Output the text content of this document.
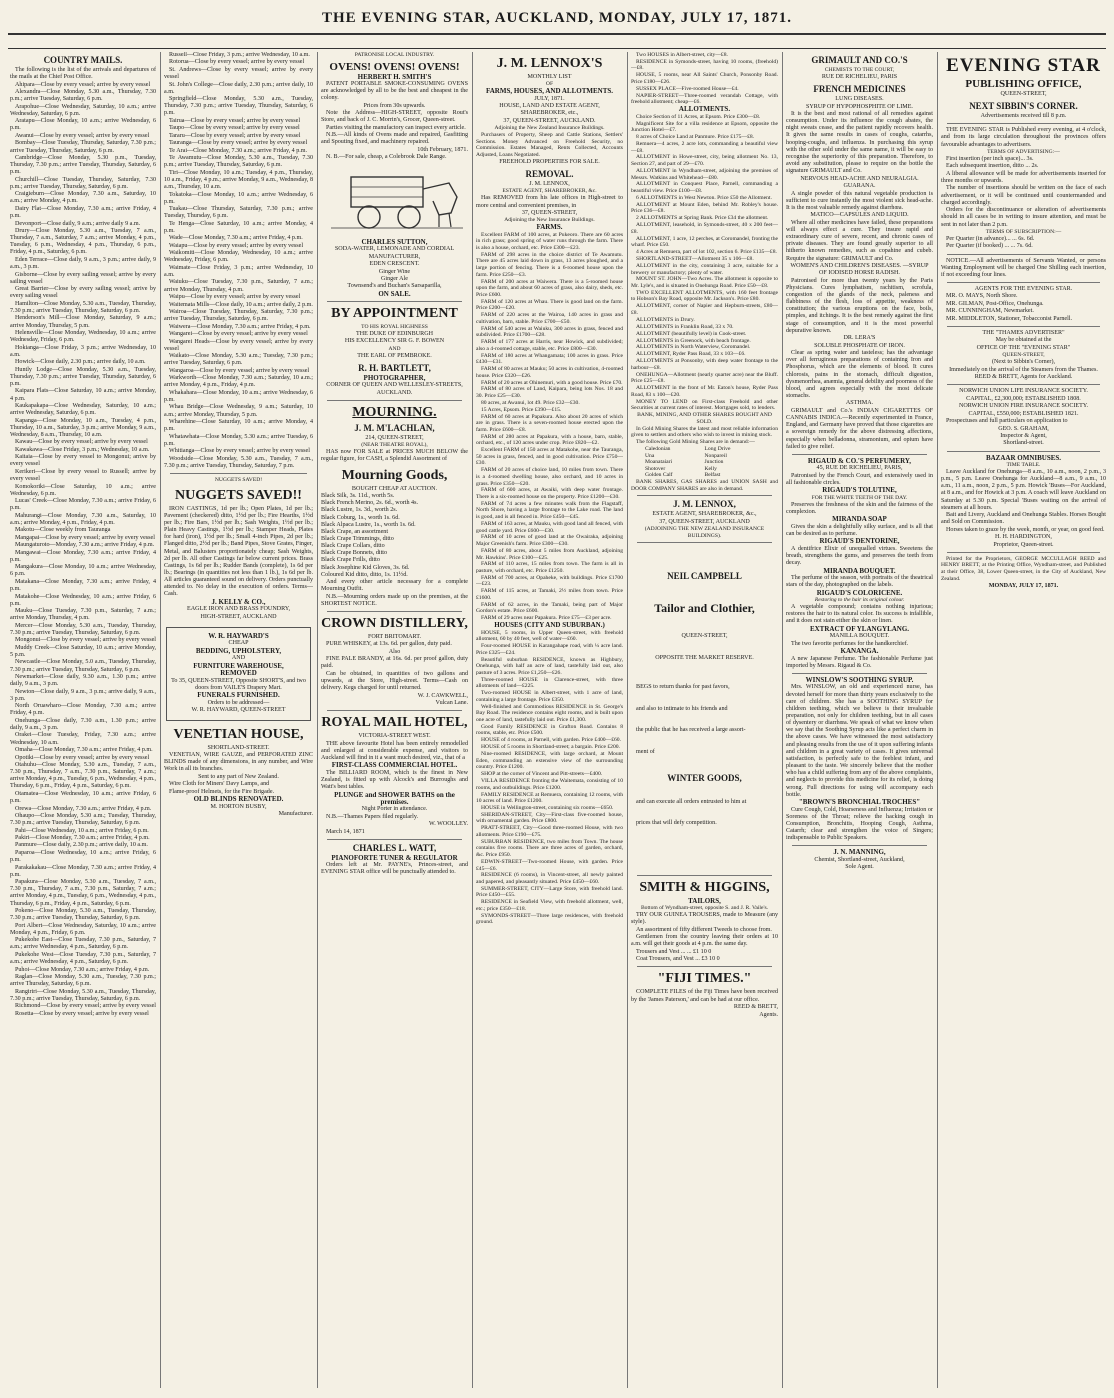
THE EVENING STAR, AUCKLAND, MONDAY, JULY 17, 1871.

COUNTRY MAILS.

The following is the list of the arrivals and departures of the mails at the Chief Post Office.

Ahipara—Close by every vessel; arrive by every vessel

Alexandra—Close Monday, 5.30 a.m., Thursday, 7.30 p.m.; arrive Tuesday, Saturday, 6 p.m.

Arapohue—Close Wednesday, Saturday, 10 a.m.; arrive Wednesday, Saturday, 6 p.m.

Aratapu—Close Monday, 10 a.m.; arrive Wednesday, 6 p.m.

Awanui—Close by every vessel; arrive by every vessel

Bombay—Close Tuesday, Thursday, Saturday, 7.30 p.m.; arrive Tuesday, Thursday, Saturday, 6 p.m.

Cambridge—Close Monday, 5.30 p.m., Tuesday, Thursday, 7.30 p.m.; arrive Tuesday, Thursday, Saturday, 6 p.m.

Churchill—Close Tuesday, Thursday, Saturday, 7.30 p.m.; arrive Tuesday, Thursday, Saturday, 6 p.m.

Craigieburn—Close Monday, 7.30 a.m., Saturday, 10 a.m.; arrive Monday, 4 p.m.

Dairy Flat—Close Monday, 7.30 a.m.; arrive Friday, 4 p.m.

Devonport—Close daily, 9 a.m.; arrive daily 9 a.m.

Drury—Close Monday, 5.30 a.m., Tuesday, 7 a.m., Thursday, 7 a.m., Saturday, 7 a.m.; arrive Monday, 4 p.m., Tuesday, 6 p.m., Wednesday, 4 p.m., Thursday, 6 p.m., Friday, 4 p.m., Saturday, 6 p.m.

Eden Terrace—Close daily, 9 a.m., 3 p.m.; arrive daily, 9 a.m., 3 p.m.

Gisborne—Close by every sailing vessel; arrive by every sailing vessel

Great Barrier—Close by every sailing vessel; arrive by every sailing vessel

Hamilton—Close Monday, 5.30 a.m., Tuesday, Thursday, 7.30 p.m.; arrive Tuesday, Thursday, Saturday, 6 p.m.

Henderson's Mill—Close Monday, Saturday, 9 a.m.; arrive Monday, Thursday, 5 p.m.

Helensville—Close Monday, Wednesday, 10 a.m.; arrive Wednesday, Friday, 6 p.m.

Hokianga—Close Friday, 3 p.m.; arrive Wednesday, 10 a.m.

Howick—Close daily, 2.30 p.m.; arrive daily, 10 a.m.

Huntly Lodge—Close Monday, 5.30 a.m., Tuesday, Thursday, 7.30 p.m.; arrive Tuesday, Thursday, Saturday, 6 p.m.

Kaipara Flats—Close Saturday, 10 a.m.; arrive Monday, 4 p.m.

Kaukapakapa—Close Wednesday, Saturday, 10 a.m.; arrive Wednesday, Saturday, 6 p.m.

Kapanga—Close Monday, 10 a.m., Tuesday, 4 p.m., Thursday, 10 a.m., Saturday, 3 p.m.; arrive Monday, 9 a.m., Wednesday, 8 a.m., Thursday, 10 a.m.

Kawau—Close by every vessel; arrive by every vessel

Kawakawa—Close Friday, 3 p.m.; Wednesday, 10 a.m.

Kaitaia—Close by every vessel to Mongonui; arrive by every vessel

Kerikeri—Close by every vessel to Russell; arrive by every vessel

Komokoriki—Close Saturday, 10 a.m.; arrive Wednesday, 6 p.m.

Lucas' Creek—Close Monday, 7.30 a.m.; arrive Friday, 6 p.m.

Mahurangi—Close Monday, 7.30 a.m., Saturday, 10 a.m.; arrive Monday, 4 p.m., Friday, 4 p.m.

Makotu—Close weekly from Tauranga

Mangapai—Close by every vessel; arrive by every vessel

Maungaturoto—Monday, 7.30 a.m.; arrive Friday, 4 p.m.

Mangawai—Close Monday, 7.30 a.m.; arrive Friday, 4 p.m.

Mangakura—Close Monday, 10 a.m.; arrive Wednesday, 6 p.m.

Matakana—Close Monday, 7.30 a.m.; arrive Friday, 4 p.m.

Matakohe—Close Wednesday, 10 a.m.; arrive Friday, 6 p.m.

Mauku—Close Tuesday, 7.30 p.m., Saturday, 7 a.m.; arrive Monday, Thursday, 4 p.m.

Mercer—Close Monday, 5.30 a.m., Tuesday, Thursday, 7.30 p.m.; arrive Tuesday, Thursday, Saturday, 6 p.m.

Mongonui—Close by every vessel; arrive by every vessel

Muddy Creek—Close Saturday, 10 a.m.; arrive Monday, 5 p.m.

Newcastle—Close Monday, 5.0 a.m., Tuesday, Thursday, 7.30 p.m.; arrive Tuesday, Thursday, Saturday, 6 p.m.

Newmarket—Close daily, 9.30 a.m., 1.30 p.m.; arrive daily, 9 a.m., 3 p.m.

Newton—Close daily, 9 a.m., 3 p.m.; arrive daily, 9 a.m., 3 p.m.

North Oruawharo—Close Monday, 7.30 a.m.; arrive Friday, 4 p.m.

Onehunga—Close daily, 7.30 a.m., 1.30 p.m.; arrive daily, 9 a.m., 3 p.m.

Orakei—Close Tuesday, Friday, 7.30 a.m.; arrive Wednesday, 10 a.m.

Omaha—Close Monday, 7.30 a.m.; arrive Friday, 4 p.m.

Opotiki—Close by every vessel; arrive by every vessel

Otahuhu—Close Monday, 5.30 a.m., Tuesday, 7 a.m., 7.30 p.m., Thursday, 7 a.m., 7.30 p.m., Saturday, 7 a.m.; arrive Monday, 4 p.m., Tuesday, 6 p.m., Wednesday, 4 p.m., Thursday, 6 p.m., Friday, 4 p.m., Saturday, 6 p.m.

Otamatea—Close Wednesday, 10 a.m.; arrive Friday, 6 p.m.

Orewa—Close Monday, 7.30 a.m.; arrive Friday, 4 p.m.

Ohaupo—Close Monday, 5.30 a.m.; Tuesday, Thursday, 7.30 p.m.; arrive Tuesday, Thursday, Saturday, 6 p.m.

Pahi—Close Wednesday, 10 a.m.; arrive Friday, 6 p.m.

Pakiri—Close Monday, 7.30 a.m.; arrive Friday, 4 p.m.

Panmure—Close daily, 2.30 p.m.; arrive daily, 10 a.m.

Paparoa—Close Wednesday, 10 a.m.; arrive Friday, 6 p.m.

Parakakakau—Close Monday, 7.30 a.m.; arrive Friday, 4 p.m.

Papakura—Close Monday, 5.30 a.m., Tuesday, 7 a.m., 7.30 p.m., Thursday, 7 a.m., 7.30 p.m., Saturday, 7 a.m.; arrive Monday, 4 p.m., Tuesday, 6 p.m., Wednesday, 4 p.m., Thursday, 6 p.m., Friday, 4 p.m., Saturday, 6 p.m.

Pokeno—Close Monday, 5.30 a.m., Tuesday, Thursday, 7.30 p.m.; arrive Tuesday, Thursday, Saturday, 6 p.m.

Port Albert—Close Wednesday, Saturday, 10 a.m.; arrive Monday, 4 p.m., Friday, 6 p.m.

Pukekohe East—Close Tuesday, 7.30 p.m., Saturday, 7 a.m.; arrive Wednesday, 4 p.m., Saturday, 6 p.m.

Pukekohe West—Close Tuesday, 7.30 p.m., Saturday, 7 a.m.; arrive Wednesday, 4 p.m., Saturday, 6 p.m.

Puhoi—Close Monday, 7.30 a.m.; arrive Friday, 4 p.m.

Raglan—Close Monday, 5.30 a.m., Tuesday, 7.30 p.m.; arrive Thursday, Saturday, 6 p.m.

Rangiriri—Close Monday, 5.30 a.m., Tuesday, Thursday, 7.30 p.m.; arrive Tuesday, Thursday, Saturday, 6 p.m.

Richmond—Close by every vessel; arrive by every vessel

Rosetta—Close by every vessel; arrive by every vessel

Russell—Close Friday, 3 p.m.; arrive Wednesday, 10 a.m.

Rotorua—Close by every vessel; arrive by every vessel

St. Andrews—Close by every vessel; arrive by every vessel

St. John's College—Close daily, 2.30 p.m.; arrive daily, 10 a.m.

Springfield—Close Monday, 5.30 a.m., Tuesday, Thursday, 7.30 p.m.; arrive Tuesday, Thursday, Saturday, 6 p.m.

Tairua—Close by every vessel; arrive by every vessel

Taupo—Close by every vessel; arrive by every vessel

Tararu—Close by every vessel; arrive by every vessel

Tauranga—Close by every vessel; arrive by every vessel

Te Arai—Close Monday, 7.30 a.m.; arrive Friday, 4 p.m.

Te Awamutu—Close Monday, 5.30 a.m., Tuesday, 7.30 p.m.; arrive Tuesday, Thursday, Saturday, 6 p.m.

Tiri—Close Monday, 10 a.m.; Tuesday, 4 p.m., Thursday, 10 a.m., Friday, 4 p.m.; arrive Monday, 9 a.m., Wednesday, 8 a.m., Thursday, 10 a.m.

Tokatoka—Close Monday, 10 a.m.; arrive Wednesday, 6 p.m.

Tuakau—Close Thursday, Saturday, 7.30 p.m.; arrive Tuesday, Thursday, 6 p.m.

Te Henga—Close Saturday, 10 a.m.; arrive Monday, 4 p.m.

Wade—Close Monday, 7.30 a.m.; arrive Friday, 4 p.m.

Waiapu—Close by every vessel; arrive by every vessel

Waikomiti—Close Monday, Wednesday, 10 a.m.; arrive Wednesday, Friday, 6 p.m.

Waimate—Close Friday, 3 p.m.; arrive Wednesday, 10 a.m.

Waiuku—Close Tuesday, 7.30 p.m., Saturday, 7 a.m.; arrive Monday, Thursday, 4 p.m.

Waipu—Close by every vessel; arrive by every vessel

Waitemata Mills—Close daily, 10 a.m.; arrive daily, 2 p.m.

Wairoa—Close Tuesday, Thursday, Saturday, 7.30 p.m.; arrive Tuesday, Thursday, Saturday, 6 p.m.

Waiwera—Close Monday, 7.30 a.m.; arrive Friday, 4 p.m.

Wangarei—Close by every vessel; arrive by every vessel

Wangarei Heads—Close by every vessel; arrive by every vessel

Waikato—Close Monday, 5.30 a.m.; Tuesday, 7.30 p.m.; arrive Tuesday, Saturday, 6 p.m.

Wangaroa—Close by every vessel; arrive by every vessel

Warkworth—Close Monday, 7.30 a.m.; Saturday, 10 a.m.; arrive Monday, 4 p.m., Friday, 4 p.m.

Whakahara—Close Monday, 10 a.m.; arrive Wednesday, 6 p.m.

Whau Bridge—Close Wednesday, 9 a.m.; Saturday, 10 a.m.; arrive Monday, Thursday, 5 p.m.

Wharehine—Close Saturday, 10 a.m.; arrive Monday, 4 p.m.

Whatawhata—Close Monday, 5.30 a.m.; arrive Tuesday, 6 p.m.

Whitianga—Close by every vessel; arrive by every vessel

Woodside—Close Monday, 5.30 a.m., Tuesday, 7 a.m., 7.30 p.m.; arrive Tuesday, Thursday, Saturday, 7 p.m.

NUGGETS SAVED!

NUGGETS SAVED!!

IRON CASTINGS, 1d per lb.; Open Plates, 1d per lb.; Pavement (checkered) ditto, 1½d per lb.; Fire Hearths, 1½d per lb.; Fire Bars, 1½d per lb.; Sash Weights, 1½d per lb.; Plain Heavy Castings, 1½d per lb.; Stamper Heads, Plates for hard (iron), 1½d per lb.; Small 4-inch Pipes, 2d per lb.; Flanged ditto, 2½d per lb.; Band Pipes, Stove Grates, Finger, Metal, and Balusters proportionately cheap; Sash Weights, 2d per lb. All other Castings far below current prices. Brass Castings, 1s 6d per lb.; Rudder Bands (complete), 1s 6d per lb.; Bearings (in quantities not less than 1 lb.), 1s 6d per lb. All articles guaranteed sound on delivery. Orders punctually attended to. No delay in the execution of orders. Terms—Cash.

J. KELLY & CO.,

EAGLE IRON AND BRASS FOUNDRY,

HIGH-STREET, AUCKLAND

W. R. HAYWARD'S

CHEAP

BEDDING, UPHOLSTERY,

AND

FURNITURE WAREHOUSE,

REMOVED

To 35, QUEEN-STREET, Opposite SHORT'S, and two doors from VAILE'S Drapery Mart.

FUNERALS FURNISHED.

Orders to be addressed—

W. R. HAYWARD, QUEEN-STREET

VENETIAN HOUSE,

SHORTLAND-STREET.

VENETIAN, WIRE GAUZE, and PERFORATED ZINC BLINDS made of any dimensions, in any number, and Wire Work in all its branches.

Sent to any part of New Zealand.

Wire Cloth for Miners' Davy Lamps, and

Flame-proof Helmets, for the Fire Brigade.

OLD BLINDS RENOVATED.

M. HORTON BUSBY,

Manufacturer.

PATRONISE LOCAL INDUSTRY.

OVENS! OVENS! OVENS!

HERBERT H. SMITH'S

PATENT PORTABLE SMOKE-CONSUMING OVENS are acknowledged by all to be the best and cheapest in the colony.

Prices from 30s upwards.

Note the Address—HIGH-STREET, opposite Rout's Store, and back of J. C. Morrin's, Grocer, Queen-street.

Parties visiting the manufactory can inspect every article.

N.B.—All kinds of Ovens made and repaired, Gasfitting and Spouting fixed, and machinery repaired.

10th February, 1871.

N. B.—For sale, cheap, a Colebrook Dale Range.

CHARLES SUTTON,

SODA-WATER, LEMONADE AND CORDIAL MANUFACTURER,

EDEN CRESCENT.

Ginger Wine

Ginger Ale

Townsend's and Buchan's Sarsaparilla,

ON SALE.

BY APPOINTMENT

TO HIS ROYAL HIGHNESS

THE DUKE OF EDINBURGH

HIS EXCELLENCY SIR G. F. BOWEN

AND

THE EARL OF PEMBROKE.

R. H. BARTLETT,

PHOTOGRAPHER,

CORNER OF QUEEN AND WELLESLEY-STREETS,

AUCKLAND.

MOURNING.

J. M. M'LACHLAN,

214, QUEEN-STREET,

(NEAR THEATRE ROYAL),

HAS now FOR SALE at PRICES MUCH BELOW the regular figure, for CASH, a Splendid Assortment of

Mourning Goods,

BOUGHT CHEAP AT AUCTION.

Black Silk, 3s. 11d., worth 5s.
Black French Merino, 2s. 6d., worth 4s.
Black Lustre, 1s. 3d., worth 2s.
Black Coburg, 1s., worth 1s. 6d.
Black Alpaca Lustre, 1s., worth 1s. 6d.
Black Crape, an assortment
Black Crape Trimmings, ditto
Black Crape Collars, ditto
Black Crape Bonnets, ditto
Black Crape Frills, ditto
Black Josephine Kid Gloves, 3s. 6d.
Coloured Kid ditto, ditto, 1s. 11½d.

And every other article necessary for a complete Mourning Outfit.

N.B.—Mourning orders made up on the premises, at the SHORTEST NOTICE.

CROWN DISTILLERY,

FORT BRITOMART.

PURE WHISKEY, at 13s. 6d. per gallon, duty paid.

Also

FINE PALE BRANDY, at 16s. 6d. per proof gallon, duty paid.

Can be obtained, in quantities of two gallons and upwards, at the Store, High-street. Terms—Cash on delivery. Kegs charged for until returned.

W. J. CAWKWELL,

Vulcan Lane.

ROYAL MAIL HOTEL,

VICTORIA-STREET WEST.

THE above favourite Hotel has been entirely remodelled and enlarged at considerable expense, and visitors to Auckland will find in it a want much desired, viz., that of a

FIRST-CLASS COMMERCIAL HOTEL.

The BILLIARD ROOM, which is the finest in New Zealand, is fitted up with Alcock's and Burroughs and Watt's best tables.

PLUNGE and SHOWER BATHS on the premises.

Night Porter in attendance.

N.B.—Thames Papers filed regularly.

W. WOOLLEY.

March 14, 1871

CHARLES L. WATT,

PIANOFORTE TUNER & REGULATOR

Orders left at Mr. PAYNE's, Princes-street, and EVENING STAR office will be punctually attended to.

J. M. LENNOX'S

MONTHLY LIST

OF

FARMS, HOUSES, AND ALLOTMENTS.

JULY, 1871.

HOUSE, LAND AND ESTATE AGENT, SHAREBROKER, etc.,

37, QUEEN-STREET, AUCKLAND.

Adjoining the New Zealand Insurance Buildings.

Purchasers of Property, Sheep and Cattle Stations, Settlers' Sections. Money Advanced on Freehold Security, no Commission. Estates Managed, Rents Collected, Accounts Adjusted, Loans Negotiated.

FREEHOLD PROPERTIES FOR SALE.

REMOVAL.

J. M. LENNOX,

ESTATE AGENT, SHAREBROKER, &c.

Has REMOVED from his late offices in High-street to more central and convenient premises, in

37, QUEEN-STREET,

Adjoining the New Insurance Buildings.

FARMS.

Excellent FARM of 100 acres, at Pukeoro. There are 60 acres in rich grass; good spring of water runs through the farm. There is also a house, orchard, etc. Price £300—£23.

FARM of 298 acres in the choice district of Te Awamutu. There are 45 acres laid down in grass, 13 acres ploughed, and a large portion of fencing. There is a 6-roomed house upon the farm. Price £250—£3.

FARM of 200 acres at Waiwera. There is a 5-roomed house upon the farm, and about 60 acres of grass, also dairy, sheds, etc. Price £600.

FARM of 120 acres at Whau. There is good land on the farm. Price £200—£20.

FARM of 220 acres at the Wairoa, 140 acres in grass and cultivation, barn, stable. Price £700—£50.

FARM of 540 acres at Waiuku, 300 acres in grass, fenced and subdivided. Price £1700—£28.

FARM of 177 acres at Harris, near Howick, and subdivided; also a 4-roomed cottage, stable, etc. Price £800—£30.

FARM of 180 acres at Whangamata; 100 acres in grass. Price £430—£31.

FARM of 80 acres at Mauku; 50 acres in cultivation, 4-roomed house. Price £320—£26.

FARM of 20 acres at Ohinemuri, with a good house. Price £70.

FARM of 80 acres of Land, Kaipara, being lots Nos. 18 and 30. Price £25—£30.

80 acres, at Awanui, lot 49. Price £32—£30.

15 Acres, Epsom. Price £390—£15.

FARM of 60 acres at Papakura. Also about 20 acres of which are in grass. There is a seven-roomed house erected upon the farm. Price £600—£8.

FARM of 280 acres at Papakura, with a house, barn, stable, orchard, etc., of 120 acres under crop. Price £820—£2.

Excellent FARM of 150 acres at Matakohe, near the Tauranga, 50 acres in grass, fenced, and in good cultivation. Price £750—£30.

FARM of 20 acres of choice land, 10 miles from town. There is a 4-roomed dwelling house, also orchard, and 10 acres in grass. Price £350—£20.

FARM of 600 acres, at Awaiki, with deep water frontage. There is a six-roomed house on the property. Price £1200—£30.

FARM of 74 acres a few minutes walk from the Flagstaff, North Shore, having a large frontage to the Lake road. The land is good, and is all fenced in. Price £450—£45.

FARM of 163 acres, at Mauku, with good land all fenced, with good cattle yard. Price £600—£30.

FARM of 10 acres of good land at the Owairaka, adjoining Major Greenish's farm. Price £300—£30.

FARM of 80 acres, about 5 miles from Auckland, adjoining Mr. Hawkins'. Price £100—£25.

FARM of 110 acres, 15 miles from town. The farm is all in pasture, with orchard, etc. Price £1250.

FARM of 700 acres, at Opaheke, with buildings. Price £1700—£23.

FARM of 115 acres, at Tamaki, 2½ miles from town. Price £1600.

FARM of 62 acres, in the Tamaki, being part of Major Gordon's estate. Price £600.

FARM of 29 acres near Papakura. Price £75—£3 per acre.

HOUSES (CITY AND SUBURBAN.)

HOUSE, 5 rooms, in Upper Queen-street, with freehold allotment, 60 by 40 feet, well of water—£60.

Four-roomed HOUSE in Karangahape road, with ¼ acre land. Price £325—£24.

Beautiful suburban RESIDENCE, known as Highbury, Onehunga, with half an acre of land, tastefully laid out, also pasture of 3 acres. Price £1,250—£26.

Three-roomed HOUSE in Clarence-street, with three allotments of land—£225.

Two-roomed HOUSE in Albert-street, with 1 acre of land, containing a large frontage. Price £350.

Well-finished and Commodious RESIDENCE in St. George's Bay Road. The residence contains eight rooms, and is built upon one acre of land, tastefully laid out. Price £1,300.

Good Family RESIDENCE in Grafton Road. Contains 8 rooms, stable, etc. Price £500.

HOUSE of 4 rooms, at Parnell, with garden. Price £400—£60.

HOUSE of 5 rooms in Shortland-street; a bargain. Price £200.

Nine-roomed RESIDENCE, with large orchard, at Mount Eden, commanding an extensive view of the surrounding country. Price £1200.

SHOP at the corner of Vincent and Pitt-streets—£400.

VILLA RESIDENCE fronting the Waitemata, consisting of 10 rooms, and outbuildings. Price £1200.

FAMILY RESIDENCE at Remuera, containing 12 rooms, with 10 acres of land. Price £1200.

HOUSE in Wellington-street, containing six rooms—£650.

SHERIDAN-STREET, City—First-class five-roomed house, with ornamental garden. Price £800.

PRATT-STREET, City—Good three-roomed House, with two allotments. Price £190—£75.

SUBURBAN RESIDENCE, two miles from Town. The house contains five rooms. There are three acres of garden, orchard, &c. Price £950.

EDWIN-STREET—Two-roomed House, with garden. Price £45—£6.

RESIDENCE (6 rooms), in Vincent-street, all newly painted and papered, and pleasantly situated. Price £450—£60.

SUMMER-STREET, CITY—Large Store, with freehold land. Price £450—£55.

RESIDENCE in Seafield View, with freehold allotment, well, etc.; price £350—£18.

SYMONDS-STREET—Three large residences, with freehold ground.

Two HOUSES in Albert-street, city—£8.

RESIDENCE in Symonds-street, having 10 rooms, (freehold)—£8.

HOUSE, 5 rooms, near All Saints' Church, Ponsonby Road. Price £180—£26.

SUSSEX PLACE—Five-roomed House—£4.

NAPIER-STREET—Three-roomed verandah Cottage, with freehold allotment; cheap—£6.

ALLOTMENTS.

Choice Section of 11 Acres, at Epsom. Price £300—£8.

Magnificent Site for a villa residence at Epsom, opposite the Junction Hotel—£7.

8 acres of Choice Land at Panmure. Price £175—£8.

Remuera—4 acres, 2 acre lots, commanding a beautiful view—£8.

ALLOTMENT in Howe-street, city, being allotment No. 13, Section 27, and part of 29—£70.

ALLOTMENT in Wyndham-street, adjoining the premises of Messrs. Watkins and Whitehead—£80.

ALLOTMENT in Conquest Place, Parnell, commanding a beautiful view. Price £100—£8.

6 ALLOTMENTS in West Newton. Price £50 the Allotment.

ALLOTMENT at Mount Eden, behind Mr. Robley's house. Price £36—£8.

2 ALLOTMENTS at Spring Bank. Price £34 the allotment.

ALLOTMENT, leasehold, in Symonds-street, 40 x 200 feet—£8.

ALLOTMENT, 1 acre, 12 perches, at Coromandel, fronting the wharf. Price £50.

4 Acres at Remuera, part of lot 102, section 6. Price £135—£8.

SHORTLAND-STREET—Allotment 35 x 106—£8.

ALLOTMENT in the city, containing 3 acre, suitable for a brewery or manufactory; plenty of water.

MOUNT ST. JOHN—Two Acres. The allotment is opposite to Mr. Lyle's, and is situated in Onehunga Road. Price £50—£8.

TWO EXCELLENT ALLOTMENTS, with 160 feet frontage to Hobson's Bay Road, opposite Mr. Jackson's. Price £80.

ALLOTMENT, corner of Napier and Hepburn-streets, £80—£8.

ALLOTMENTS in Drury.

ALLOTMENTS in Franklin Road, 33 x 70.

ALLOTMENT (beautifully level) in Cook-street.

ALLOTMENTS in Greenock, with beach frontage.

ALLOTMENTS in North Waterview, Coromandel.

ALLOTMENT, Ryder Pass Road, 33 x 103—£6.

ALLOTMENTS at Ponsonby, with deep water frontage to the harbour—£8.

ONEHUNGA—Allotment (nearly quarter acre) near the Bluff. Price £25—£8.

ALLOTMENT in the front of Mr. Eaton's house, Ryder Pass Road, 83 x 100—£20.

MONEY TO LEND on First-class Freehold and other Securities at current rates of interest. Mortgages sold, to lenders.

BANK, MINING, AND OTHER SHARES BOUGHT AND SOLD.

In Gold Mining Shares the latest and most reliable information given to settlers and others who wish to invest in mining stock.

The following Gold Mining Shares are in demand:—

Caledonian	Long Drive
Una	Nonpareil
Moanataiari	Junction
Shotover	Kelly
Golden Calf	Belfast

BANK SHARES, GAS SHARES and UNION SASH and DOOR COMPANY SHARES are also in demand.

J. M. LENNOX,

ESTATE AGENT, SHAREBROKER, &c.,

37, QUEEN-STREET, AUCKLAND

(ADJOINING THE NEW ZEALAND INSURANCE BUILDINGS).

NEIL CAMPBELL

Tailor and Clothier,

QUEEN-STREET,

OPPOSITE THE MARKET RESERVE.

BEGS to return thanks for past favors,

and also to intimate to his friends and

the public that he has received a large assort-

ment of

WINTER GOODS,

and can execute all orders entrusted to him at

prices that will defy competition.

SMITH & HIGGINS,

TAILORS,

Bottom of Wyndham-street, opposite S. and J. R. Vaile's.

TRY OUR GUINEA TROUSERS, made to Measure (any style).

An assortment of fifty different Tweeds to choose from.

Gentlemen from the country leaving their orders at 10 a.m. will get their goods at 4 p.m. the same day.

Trousers and Vest ... ... £1 10 0

Coat Trousers, and Vest ... £3 10 0

"FIJI TIMES."

COMPLETE FILES of the Fiji Times have been received by the 'James Paterson,' and can be had at our office.

REED & BRETT,

Agents.

GRIMAULT AND CO.'S

CHEMISTS TO THE COURT,

RUE DE RICHELIEU, PARIS

FRENCH MEDICINES

LUNG DISEASES.

SYRUP OF HYPOPHOSPHITE OF LIME.

It is the best and most rational of all remedies against consumption. Under its influence the cough abates, the night sweats cease, and the patient rapidly recovers health. It gives the same results in cases of coughs, catarrhs, hooping-coughs, and influenza. In purchasing this syrup with the other sold under the same name, it will be easy to recognise the superiority of this preparation. Therefore, to avoid any substitution, please to require on the bottle the signature GRIMAULT and Co.

NERVOUS HEAD-ACHE AND NEURALGIA.

GUARANA.

A single powder of this natural vegetable production is sufficient to cure instantly the most violent sick head-ache. It is the most valuable remedy against diarrhœa.

MATICO—CAPSULES AND LIQUID.

Where all other medicines have failed, these preparations will always effect a cure. They insure rapid and extraordinary cure of severe, recent, and chronic cases of private diseases. They are found greatly superior to all hitherto known remedies, such as copahine and cubeb. Require the signature: GRIMAULT and Co.

WOMEN'S AND CHILDREN'S DISEASES. —SYRUP OF IODISED HORSE RADISH.

Patronised for more than twenty years by the Paris Physicians. Cures lymphatism, rachitism, scrofula, congestion of the glands of the neck, paleness and flabbiness of the flesh, loss of appetite, weakness of constitution; the various eruptions on the face, boils, pimples, and itchings. It is the best remedy against the first stage of consumption, and it is the most powerful depurative known.

DR. LERA'S

SOLUBLE PHOSPHATE OF IRON.

Clear as spring water and tasteless; has the advantage over all ferruginous preparations of containing Iron and Phosphorus, which are the elements of blood. It cures chlorosis, pains in the stomach, difficult digestion, dysmenorrhea, anæmia, general debility and poorness of the blood, and agrees especially with the most delicate stomachs.

ASTHMA.

GRIMAULT and Co.'s INDIAN CIGARETTES OF CANNABIS INDICA.—Recently experimented in France, England, and Germany have proved that those cigarettes are a sovereign remedy for the above distressing affections, especially when belladonna, stramonium, and opium have failed to give relief.

RIGAUD & CO.'S PERFUMERY,

45, RUE DE RICHELIEU, PARIS,

Patronised by the French Court, and extensively used in all fashionable circles.

RIGAUD'S TOLUTINE,

FOR THE WHITE TEETH OF THE DAY.

Preserves the freshness of the skin and the fairness of the complexion.

MIRANDA SOAP

Gives the skin a delightfully silky surface, and is all that can be desired as to perfume.

RIGAUD'S DENTORINE,

A dentifrice Elixir of unequalled virtues. Sweetens the breath, strengthens the gums, and preserves the teeth from decay.

MIRANDA BOUQUET.

The perfume of the season, with portraits of the theatrical stars of the day, photographed on the labels.

RIGAUD'S COLORICENE.

Restoring to the hair its original colour.

A vegetable compound; contains nothing injurious; restores the hair to its natural color. Its success is infallible, and it does not stain either the skin or linen.

EXTRACT OF YLANGYLANG.

MANILLA BOUQUET.

The two favorite perfumes for the handkerchief.

KANANGA.

A new Japanese Perfume. The fashionable Perfume just imported by Messrs. Rigaud & Co.

WINSLOW'S SOOTHING SYRUP.

Mrs. WINSLOW, an old and experienced nurse, has devoted herself for more than thirty years exclusively to the care of children. She has a SOOTHING SYRUP for children teething, which we believe is their invaluable preparation, not only for children teething, but in all cases of dysentery or diarrhœa. We speak of what we know when we say that the Soothing Syrup acts like a perfect charm in the above cases. We have witnessed the most satisfactory and pleasing results from the use of it upon suffering infants and children in a great variety of cases. It gives universal satisfaction, is perfectly safe to the feeblest infant, and pleasant to the taste. We sincerely believe that the mother who has a child suffering from any of the above complaints, and neglects to provide this medicine for its relief, is doing wrong. Full directions for using will accompany each bottle.

"BROWN'S BRONCHIAL TROCHES"

Cure Cough, Cold, Hoarseness and Influenza; Irritation or Soreness of the Throat; relieve the hacking cough in Consumption, Bronchitis, Hooping Cough, Asthma, Catarrh; clear and strengthen the voice of Singers; indispensable to Public Speakers.

J. N. MANNING,

Chemist, Shortland-street, Auckland,

Sole Agent.

EVENING STAR

PUBLISHING OFFICE,

QUEEN-STREET,

NEXT SIBBIN'S CORNER.

Advertisements received till 8 p.m.

THE EVENING STAR is Published every evening, at 4 o'clock, and from its large circulation throughout the provinces offers favourable advantages to advertisers.

TERMS OF ADVERTISING:—

First insertion (per inch space)... 3s.

Each subsequent insertion, ditto ... 2s.

A liberal allowance will be made for advertisements inserted for three months or upwards.

The number of insertions should be written on the face of each advertisement, or it will be continued until countermanded and charged accordingly.

Orders for the discontinuance or alteration of advertisements should in all cases be in writing to insure attention, and must be sent in not later than 2 p.m.

TERMS OF SUBSCRIPTION:—

Per Quarter (in advance)... ... 6s. 6d.

Per Quarter (if booked) ... ... 7s. 6d.

NOTICE.—All advertisements of Servants Wanted, or persons Wanting Employment will be charged One Shilling each insertion, if not exceeding four lines.

AGENTS FOR THE EVENING STAR.

MR. O. MAYS, North Shore.

MR. GILMAN, Post-Office, Onehunga.

MR. CUNNINGHAM, Newmarket.

MR. MIDDLETON, Stationer, Tobacconist Parnell.

THE "THAMES ADVERTISER"

May be obtained at the

OFFICE OF THE "EVENING STAR"

QUEEN-STREET,

(Next to Sibbin's Corner),

Immediately on the arrival of the Steamers from the Thames.

REED & BRETT, Agents for Auckland.

NORWICH UNION LIFE INSURANCE SOCIETY.

CAPITAL, £2,300,000; ESTABLISHED 1808.

NORWICH UNION FIRE INSURANCE SOCIETY.

CAPITAL, £550,000; ESTABLISHED 1821.

Prospectuses and full particulars on application to

GEO. S. GRAHAM,

Inspector & Agent,

Shortland-street.

BAZAAR OMNIBUSES.

TIME TABLE.

Leave Auckland for Onehunga—8 a.m., 10 a.m., noon, 2 p.m., 3 p.m., 5 p.m. Leave Onehunga for Auckland—8 a.m., 9 a.m., 10 a.m., 11 a.m., noon, 2 p.m., 5 p.m. Howick 'Buses—For Auckland, at 8 a.m., and for Howick at 3 p.m. A coach will leave Auckland on Saturday at 5.30 p.m. Special 'Buses waiting on the arrival of steamers at all hours.

Bait and Livery, Auckland and Onehunga Stables. Horses Bought and Sold on Commission.

Horses taken to graze by the week, month, or year, on good feed.

H. H. HARDINGTON,

Proprietor, Queen-street.

Printed for the Proprietors, GEORGE MCCULLAGH REED and HENRY BRETT, at the Printing Office, Wyndham-street, and Published at their Office, 38, Lower Queen-street, in the City of Auckland, New Zealand.

MONDAY, JULY 17, 1871.
